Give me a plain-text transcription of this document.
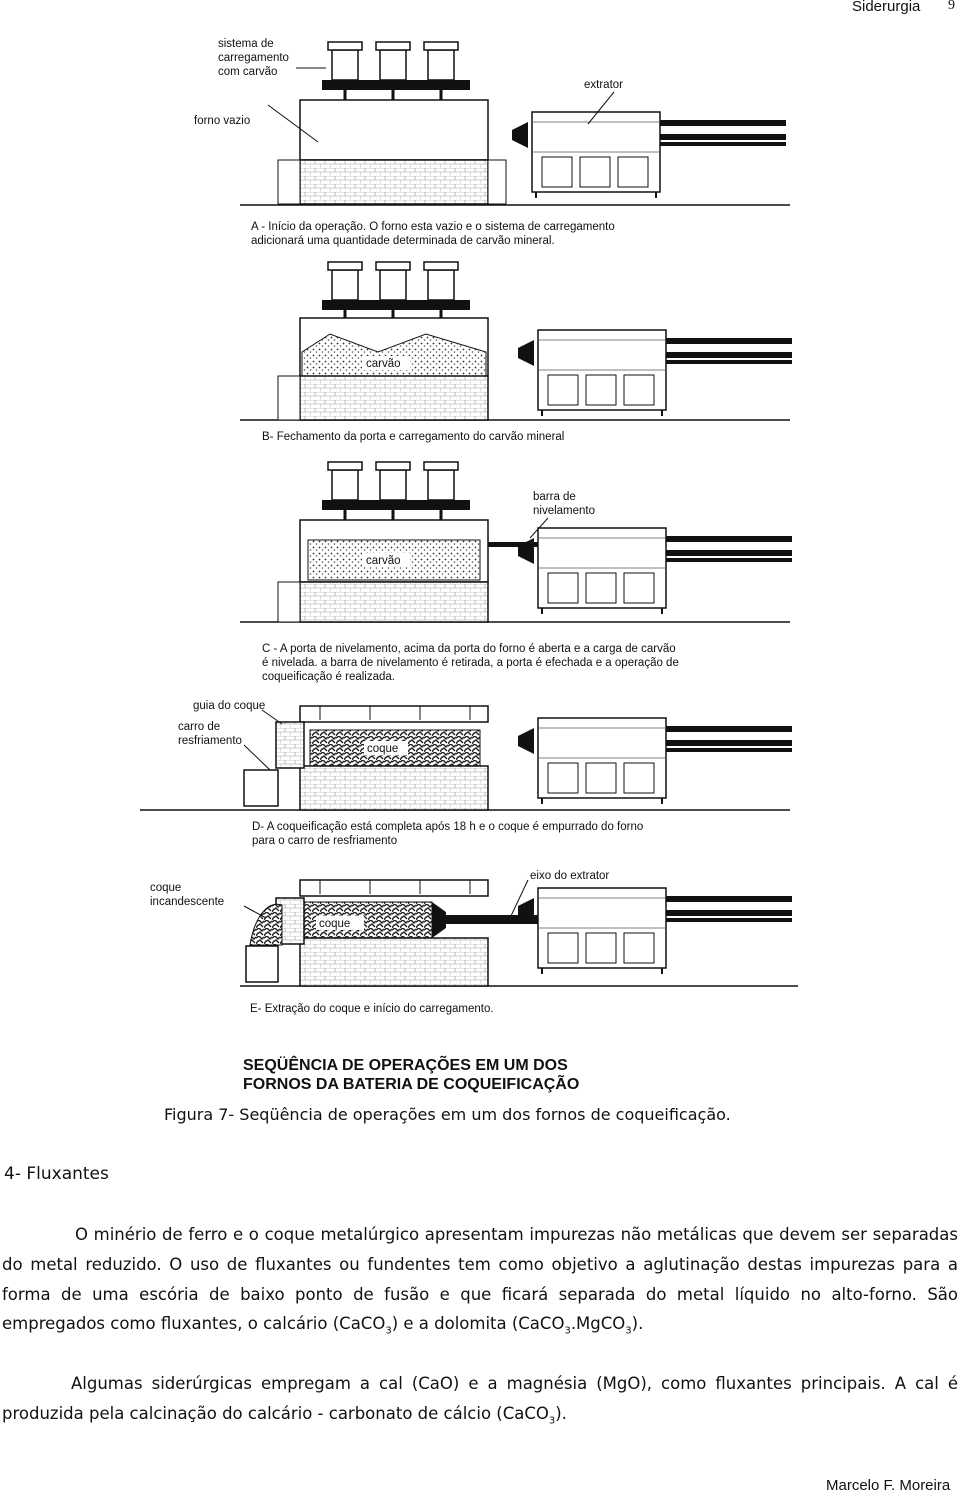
Siderurgia 9
sistema de
carregamento
com carvão
forno vazio
extrator
A - Início da operação. O forno esta vazio e o sistema de carregamento
adicionará uma quantidade determinada de carvão mineral.
carvão
B- Fechamento da porta e carregamento do carvão mineral
carvão
barra de
nivelamento
C - A porta de nivelamento, acima da porta do forno é aberta e a carga de carvão
é nivelada. a barra de nivelamento é retirada, a porta é efechada e a operação de
coqueificação é realizada.
guia do coque
carro de
resfriamento
coque
D- A coqueificação está completa após 18 h e o coque é empurrado do forno
para o carro de resfriamento
coque
incandescente
coque
eixo do extrator
E- Extração do coque e início do carregamento.
SEQÜÊNCIA DE OPERAÇÕES EM UM DOS
FORNOS DA BATERIA DE COQUEIFICAÇÃO
Figura 7- Seqüência de operações em um dos fornos de coqueificação.
4- Fluxantes
O minério de ferro e o coque metalúrgico apresentam impurezas não metálicas que devem ser separadas do metal reduzido. O uso de fluxantes ou fundentes tem como objetivo a aglutinação destas impurezas para a forma de uma escória de baixo ponto de fusão e que ficará separada do metal líquido no alto-forno. São empregados como fluxantes, o calcário (CaCO$_3$) e a dolomita (CaCO$_3$.MgCO$_3$).
Algumas siderúrgicas empregam a cal (CaO) e a magnésia (MgO), como fluxantes principais. A cal é produzida pela calcinação do calcário - carbonato de cálcio (CaCO$_3$).
Marcelo F. Moreira
